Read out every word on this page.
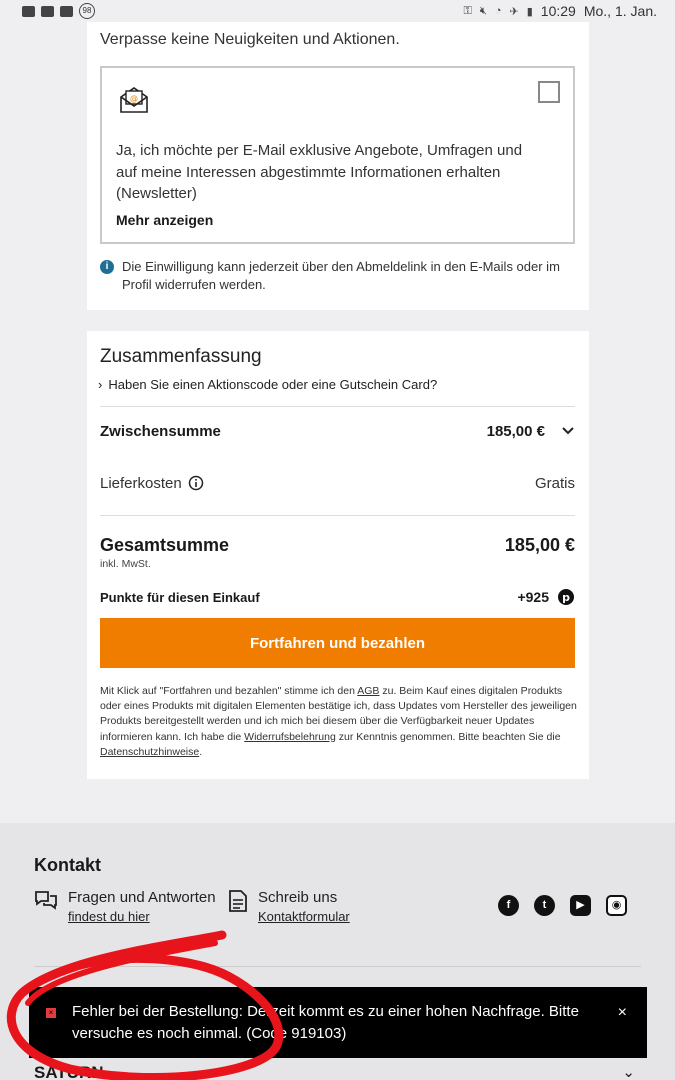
98	⚿ 🔇︎ ◔ ✈︎ ▮ 10:29 Mo., 1. Jan.
Verpasse keine Neuigkeiten und Aktionen.
@
Ja, ich möchte per E-Mail exklusive Angebote, Umfragen und auf meine Interessen abgestimmte Informationen erhalten (Newsletter)
Mehr anzeigen
i	Die Einwilligung kann jederzeit über den Abmeldelink in den E-Mails oder im Profil widerrufen werden.
Zusammenfassung
› Haben Sie einen Aktionscode oder eine Gutschein Card?
Zwischensumme	185,00 €
Lieferkosten	Gratis
Gesamtsumme	185,00 €
inkl. MwSt.
Punkte für diesen Einkauf	+925 p
Fortfahren und bezahlen
Mit Klick auf "Fortfahren und bezahlen" stimme ich den AGB zu. Beim Kauf eines digitalen Produkts oder eines Produkts mit digitalen Elementen bestätige ich, dass Updates vom Hersteller des jeweiligen Produkts bereitgestellt werden und ich mich bei diesem über die Verfügbarkeit neuer Updates informieren kann. Ich habe die Widerrufsbelehrung zur Kenntnis genommen. Bitte beachten Sie die Datenschutzhinweise.
Kontakt
Fragen und Antworten
findest du hier
Schreib uns
Kontaktformular
f	t	▶	◉
SATURN	⌄
× Fehler bei der Bestellung: Derzeit kommt es zu einer hohen Nachfrage. Bitte versuche es noch einmal. (Code 919103)
×
